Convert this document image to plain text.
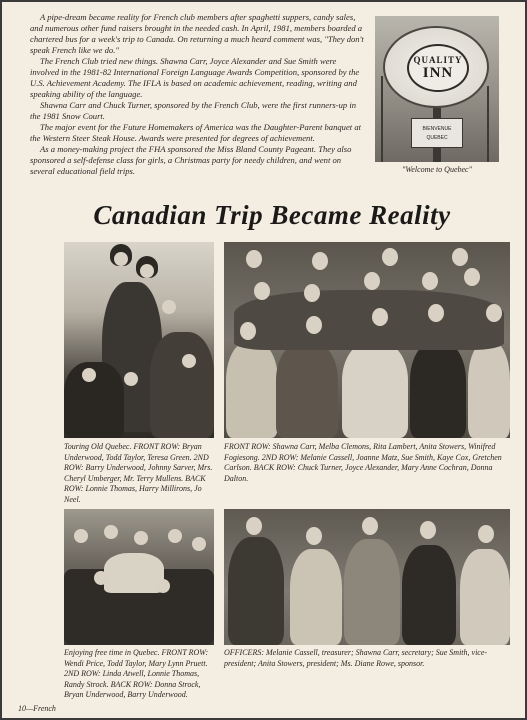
A pipe-dream became reality for French club members after spaghetti suppers, candy sales, and numerous other fund raisers brought in the needed cash. In April, 1981, members boarded a chartered bus for a week's trip to Canada. On returning a much heard comment was, "They don't speak French like we do."

The French Club tried new things. Shawna Carr, Joyce Alexander and Sue Smith were involved in the 1981-82 International Foreign Language Awards Competition, sponsored by the U.S. Achievement Academy. The IFLA is based on academic achievement, reading, writing and speaking ability of the language.

Shawna Carr and Chuck Turner, sponsored by the French Club, were the first runners-up in the 1981 Snow Court.

The major event for the Future Homemakers of America was the Daughter-Parent banquet at the Western Steer Steak House. Awards were presented for degrees of achievement.

As a money-making project the FHA sponsored the Miss Bland County Pageant. They also sponsored a self-defense class for girls, a Christmas party for needy children, and went on several educational field trips.

QUALITY
INN
BIENVENUE
QUEBEC
"Welcome to Quebec"
Canadian Trip Became Reality
Touring Old Quebec. FRONT ROW: Bryan Underwood, Todd Taylor, Teresa Green. 2ND ROW: Barry Underwood, Johnny Sarver, Mrs. Cheryl Umberger, Mr. Terry Mullens. BACK ROW: Lonnie Thomas, Harry Millirons, Jo Neel.
FRONT ROW: Shawna Carr, Melba Clemons, Rita Lambert, Anita Stowers, Winifred Fogiesong. 2ND ROW: Melanie Cassell, Joanne Matz, Sue Smith, Kaye Cox, Gretchen Carlson. BACK ROW: Chuck Turner, Joyce Alexander, Mary Anne Cochran, Donna Dalton.
Enjoying free time in Quebec. FRONT ROW: Wendi Price, Todd Taylor, Mary Lynn Pruett. 2ND ROW: Linda Atwell, Lonnie Thomas, Randy Strock. BACK ROW: Donna Strock, Bryan Underwood, Barry Underwood.
OFFICERS: Melanie Cassell, treasurer; Shawna Carr, secretary; Sue Smith, vice-president; Anita Stowers, president; Ms. Diane Rowe, sponsor.
10—French
